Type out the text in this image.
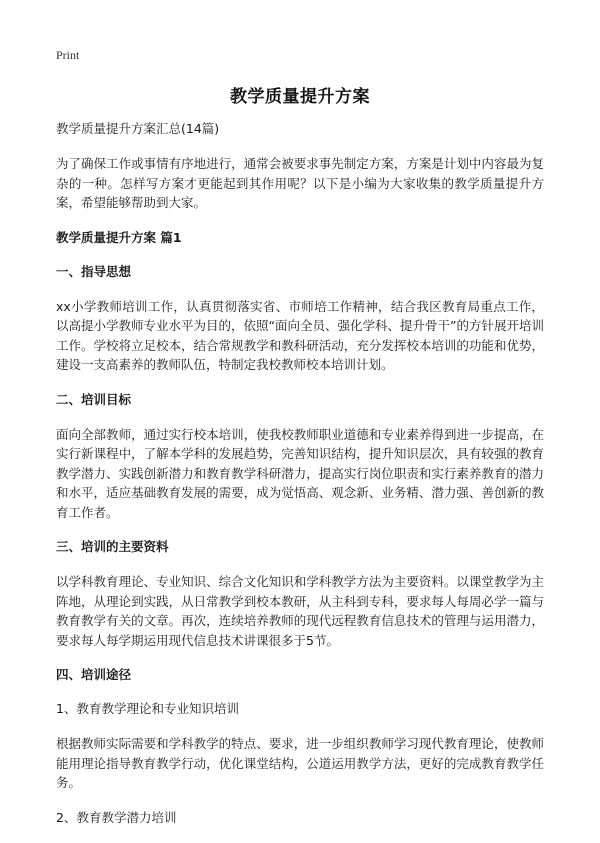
Print
教学质量提升方案

教学质量提升方案汇总(14篇)

为了确保工作或事情有序地进行，通常会被要求事先制定方案，方案是计划中内容最为复杂的一种。怎样写方案才更能起到其作用呢？以下是小编为大家收集的教学质量提升方案，希望能够帮助到大家。

教学质量提升方案 篇1

一、指导思想

xx小学教师培训工作，认真贯彻落实省、市师培工作精神，结合我区教育局重点工作，以高提小学教师专业水平为目的，依照“面向全员、强化学科、提升骨干”的方针展开培训工作。学校将立足校本，结合常规教学和教科研活动，充分发挥校本培训的功能和优势，建设一支高素养的教师队伍，特制定我校教师校本培训计划。

二、培训目标

面向全部教师，通过实行校本培训，使我校教师职业道德和专业素养得到进一步提高，在实行新课程中，了解本学科的发展趋势，完善知识结构，提升知识层次，具有较强的教育教学潜力、实践创新潜力和教育教学科研潜力，提高实行岗位职责和实行素养教育的潜力和水平，适应基础教育发展的需要，成为觉悟高、观念新、业务精、潜力强、善创新的教育工作者。

三、培训的主要资料

以学科教育理论、专业知识、综合文化知识和学科教学方法为主要资料。以课堂教学为主阵地，从理论到实践，从日常教学到校本教研，从主科到专科，要求每人每周必学一篇与教育教学有关的文章。再次，连续培养教师的现代远程教育信息技术的管理与运用潜力，要求每人每学期运用现代信息技术讲课很多于5节。

四、培训途径

1、教育教学理论和专业知识培训

根据教师实际需要和学科教学的特点、要求，进一步组织教师学习现代教育理论，使教师能用理论指导教育教学行动，优化课堂结构，公道运用教学方法，更好的完成教育教学任务。

2、教育教学潜力培训
